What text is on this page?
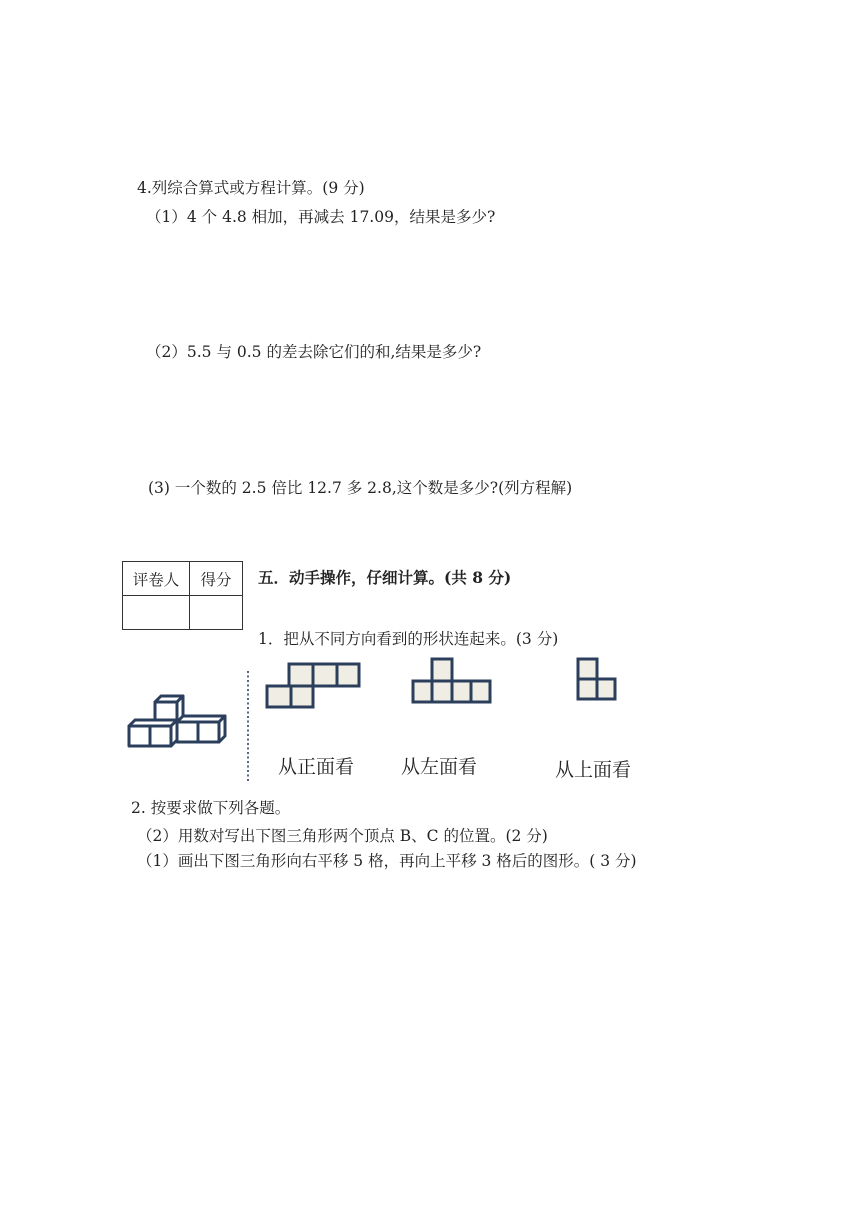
4.列综合算式或方程计算。(9 分)
（1）4 个 4.8 相加，再减去 17.09，结果是多少?
（2）5.5 与 0.5 的差去除它们的和,结果是多少?
(3) 一个数的 2.5 倍比 12.7 多 2.8,这个数是多少?(列方程解)
评卷人	得分
	五．动手操作，仔细计算。(共 8 分)
1．把从不同方向看到的形状连起来。(3 分)
从正面看 从左面看	从上面看
2. 按要求做下列各题。
（2）用数对写出下图三角形两个顶点 B、C 的位置。(2 分)
（1）画出下图三角形向右平移 5 格，再向上平移 3 格后的图形。( 3 分)
